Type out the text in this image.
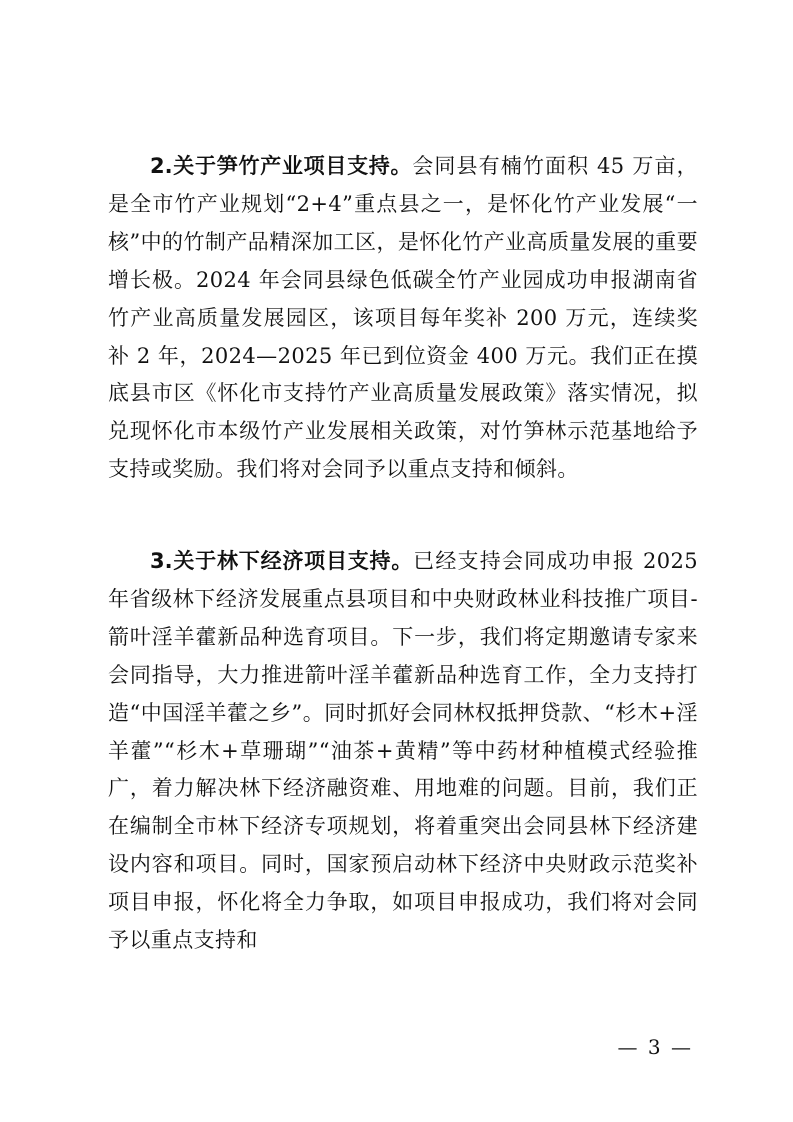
2.关于笋竹产业项目支持。会同县有楠竹面积 45 万亩，是全市竹产业规划“2+4”重点县之一，是怀化竹产业发展“一核”中的竹制产品精深加工区，是怀化竹产业高质量发展的重要增长极。2024 年会同县绿色低碳全竹产业园成功申报湖南省竹产业高质量发展园区，该项目每年奖补 200 万元，连续奖补 2 年，2024—2025 年已到位资金 400 万元。我们正在摸底县市区《怀化市支持竹产业高质量发展政策》落实情况，拟兑现怀化市本级竹产业发展相关政策，对竹笋林示范基地给予支持或奖励。我们将对会同予以重点支持和倾斜。

3.关于林下经济项目支持。已经支持会同成功申报 2025 年省级林下经济发展重点县项目和中央财政林业科技推广项目-箭叶淫羊藿新品种选育项目。下一步，我们将定期邀请专家来会同指导，大力推进箭叶淫羊藿新品种选育工作，全力支持打造“中国淫羊藿之乡”。同时抓好会同林权抵押贷款、“杉木+淫羊藿”“杉木+草珊瑚”“油茶+黄精”等中药材种植模式经验推广，着力解决林下经济融资难、用地难的问题。目前，我们正在编制全市林下经济专项规划，将着重突出会同县林下经济建设内容和项目。同时，国家预启动林下经济中央财政示范奖补项目申报，怀化将全力争取，如项目申报成功，我们将对会同予以重点支持和

— 3 —
